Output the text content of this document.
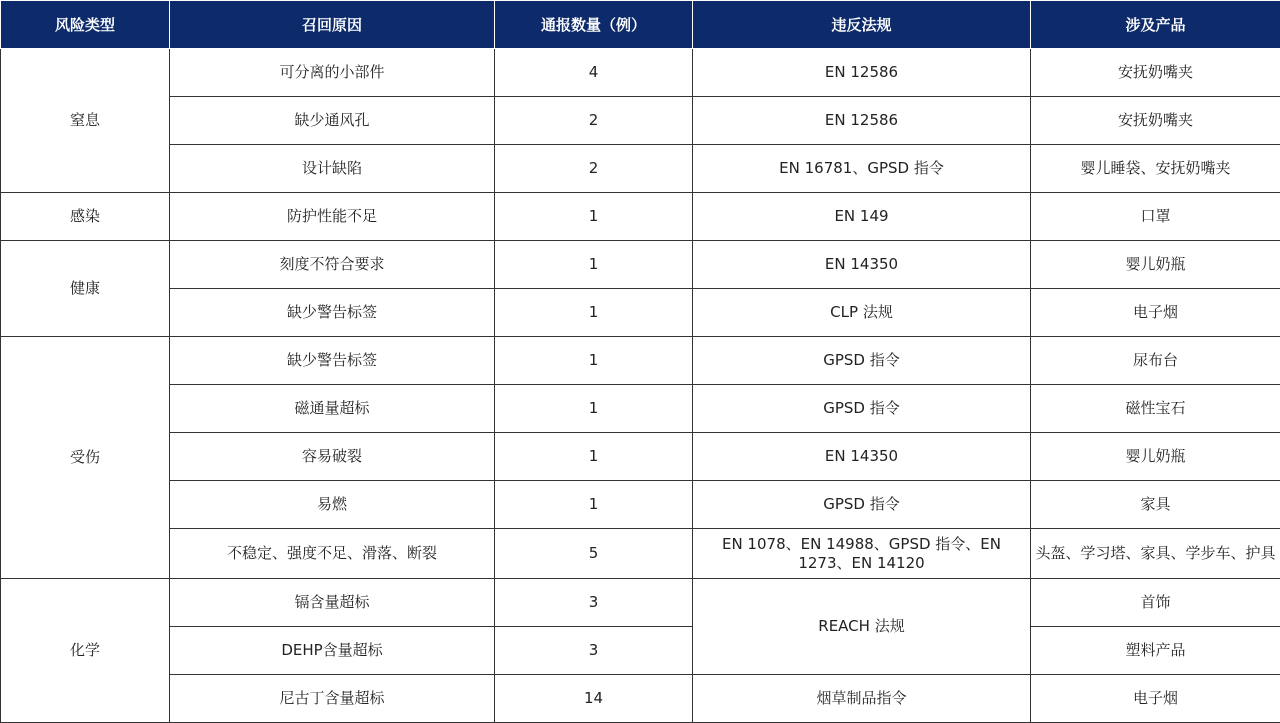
风险类型	召回原因	通报数量（例）	违反法规	涉及产品
窒息	可分离的小部件	4	EN 12586	安抚奶嘴夹
	缺少通风孔	2	EN 12586	安抚奶嘴夹
	设计缺陷	2	EN 16781、GPSD 指令	婴儿睡袋、安抚奶嘴夹
感染	防护性能不足	1	EN 149	口罩
健康	刻度不符合要求	1	EN 14350	婴儿奶瓶
	缺少警告标签	1	CLP 法规	电子烟
受伤	缺少警告标签	1	GPSD 指令	尿布台
	磁通量超标	1	GPSD 指令	磁性宝石
	容易破裂	1	EN 14350	婴儿奶瓶
	易燃	1	GPSD 指令	家具
	不稳定、强度不足、滑落、断裂	5	EN 1078、EN 14988、GPSD 指令、EN 1273、EN 14120	头盔、学习塔、家具、学步车、护具
化学	镉含量超标	3	REACH 法规	首饰
	DEHP含量超标	3		塑料产品
	尼古丁含量超标	14	烟草制品指令	电子烟
